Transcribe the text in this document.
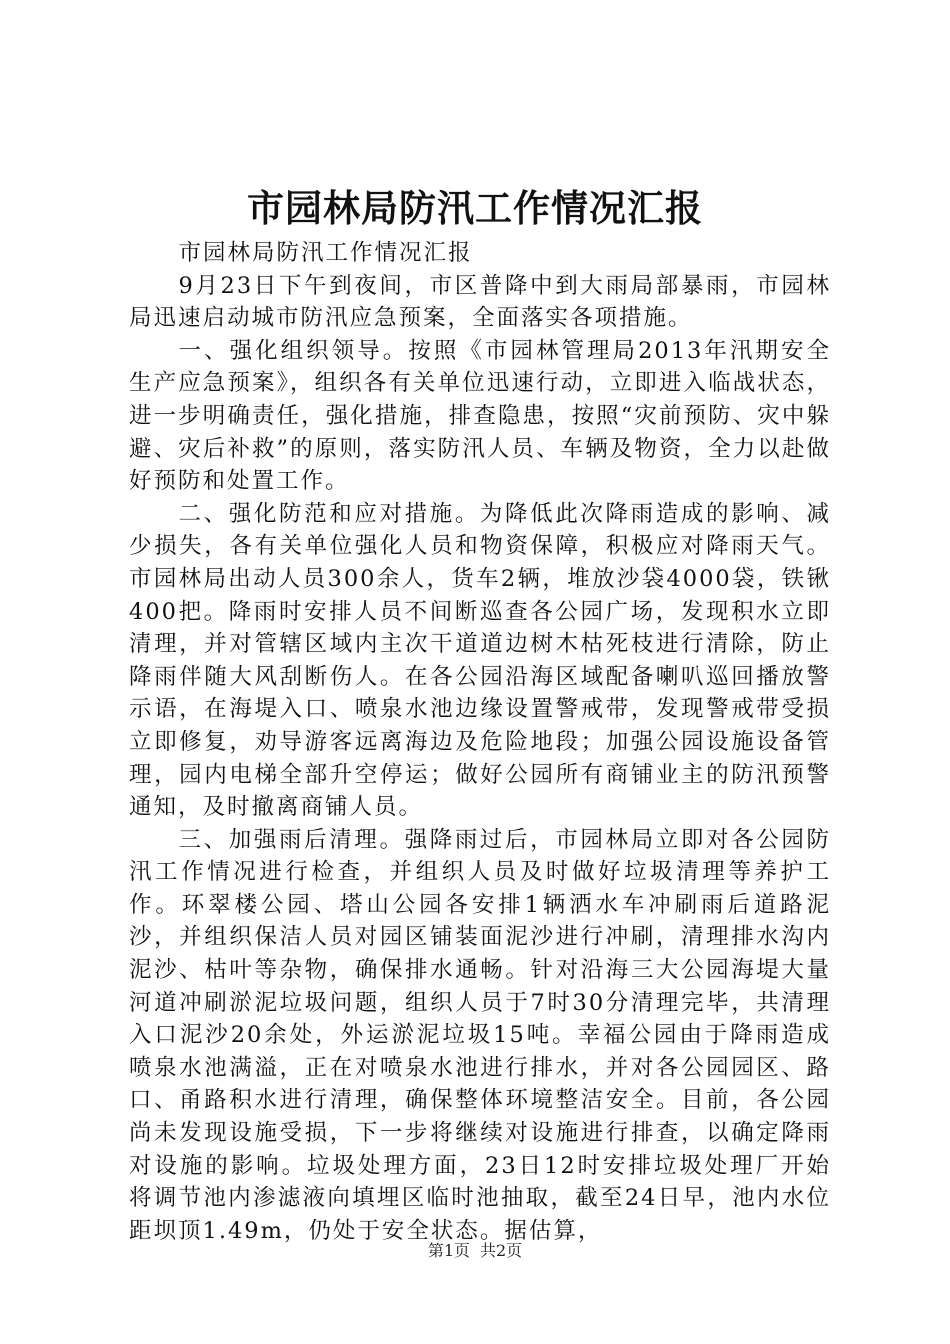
市园林局防汛工作情况汇报

市园林局防汛工作情况汇报

9月23日下午到夜间，市区普降中到大雨局部暴雨，市园林局迅速启动城市防汛应急预案，全面落实各项措施。

一、强化组织领导。按照《市园林管理局2013年汛期安全生产应急预案》，组织各有关单位迅速行动，立即进入临战状态，进一步明确责任，强化措施，排查隐患，按照“灾前预防、灾中躲避、灾后补救”的原则，落实防汛人员、车辆及物资，全力以赴做好预防和处置工作。

二、强化防范和应对措施。为降低此次降雨造成的影响、减少损失，各有关单位强化人员和物资保障，积极应对降雨天气。市园林局出动人员300余人，货车2辆，堆放沙袋4000袋，铁锹400把。降雨时安排人员不间断巡查各公园广场，发现积水立即清理，并对管辖区域内主次干道道边树木枯死枝进行清除，防止降雨伴随大风刮断伤人。在各公园沿海区域配备喇叭巡回播放警示语，在海堤入口、喷泉水池边缘设置警戒带，发现警戒带受损立即修复，劝导游客远离海边及危险地段；加强公园设施设备管理，园内电梯全部升空停运；做好公园所有商铺业主的防汛预警通知，及时撤离商铺人员。

三、加强雨后清理。强降雨过后，市园林局立即对各公园防汛工作情况进行检查，并组织人员及时做好垃圾清理等养护工作。环翠楼公园、塔山公园各安排1辆洒水车冲刷雨后道路泥沙，并组织保洁人员对园区铺装面泥沙进行冲刷，清理排水沟内泥沙、枯叶等杂物，确保排水通畅。针对沿海三大公园海堤大量河道冲刷淤泥垃圾问题，组织人员于7时30分清理完毕，共清理入口泥沙20余处，外运淤泥垃圾15吨。幸福公园由于降雨造成喷泉水池满溢，正在对喷泉水池进行排水，并对各公园园区、路口、甬路积水进行清理，确保整体环境整洁安全。目前，各公园尚未发现设施受损，下一步将继续对设施进行排查，以确定降雨对设施的影响。垃圾处理方面，23日12时安排垃圾处理厂开始将调节池内渗滤液向填埋区临时池抽取，截至24日早，池内水位距坝顶1.49m，仍处于安全状态。据估算，

第1页 共2页
